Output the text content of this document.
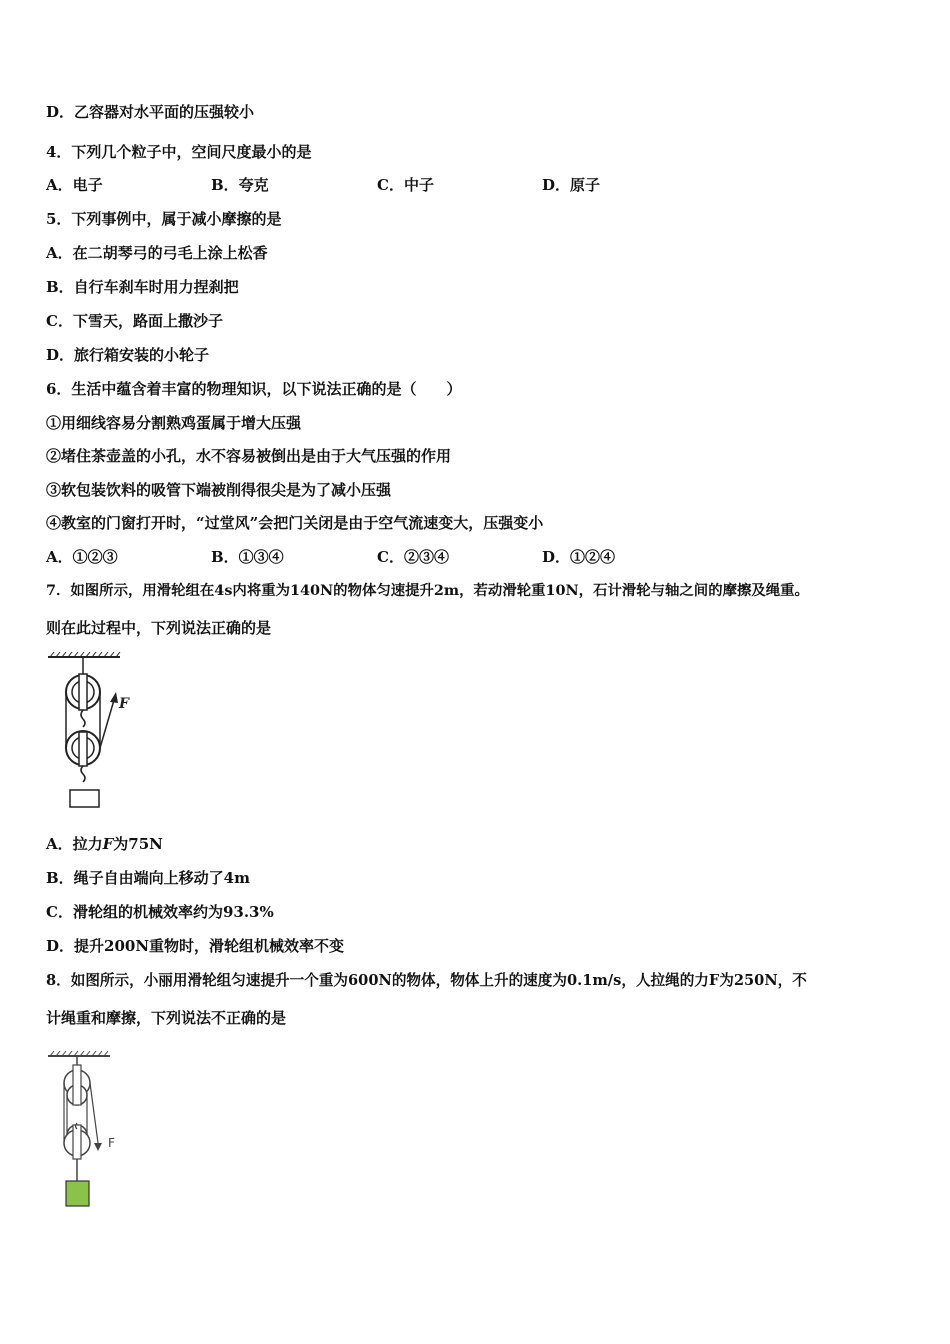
D．乙容器对水平面的压强较小
4．下列几个粒子中，空间尺度最小的是
A．电子	B．夸克	C．中子	D．原子
5．下列事例中，属于减小摩擦的是
A．在二胡琴弓的弓毛上涂上松香
B．自行车刹车时用力捏刹把
C．下雪天，路面上撒沙子
D．旅行箱安装的小轮子
6．生活中蕴含着丰富的物理知识，以下说法正确的是（　　）
①用细线容易分割熟鸡蛋属于增大压强
②堵住茶壶盖的小孔，水不容易被倒出是由于大气压强的作用
③软包装饮料的吸管下端被削得很尖是为了减小压强
④教室的门窗打开时，“过堂风”会把门关闭是由于空气流速变大，压强变小
A．①②③	B．①③④	C．②③④	D．①②④
7．如图所示，用滑轮组在4s内将重为140N的物体匀速提升2m，若动滑轮重10N，石计滑轮与轴之间的摩擦及绳重。
则在此过程中，下列说法正确的是
F
A．拉力F为75N
B．绳子自由端向上移动了4m
C．滑轮组的机械效率约为93.3%
D．提升200N重物时，滑轮组机械效率不变
8．如图所示，小丽用滑轮组匀速提升一个重为600N的物体，物体上升的速度为0.1m/s，人拉绳的力F为250N，不
计绳重和摩擦，下列说法不正确的是
F
